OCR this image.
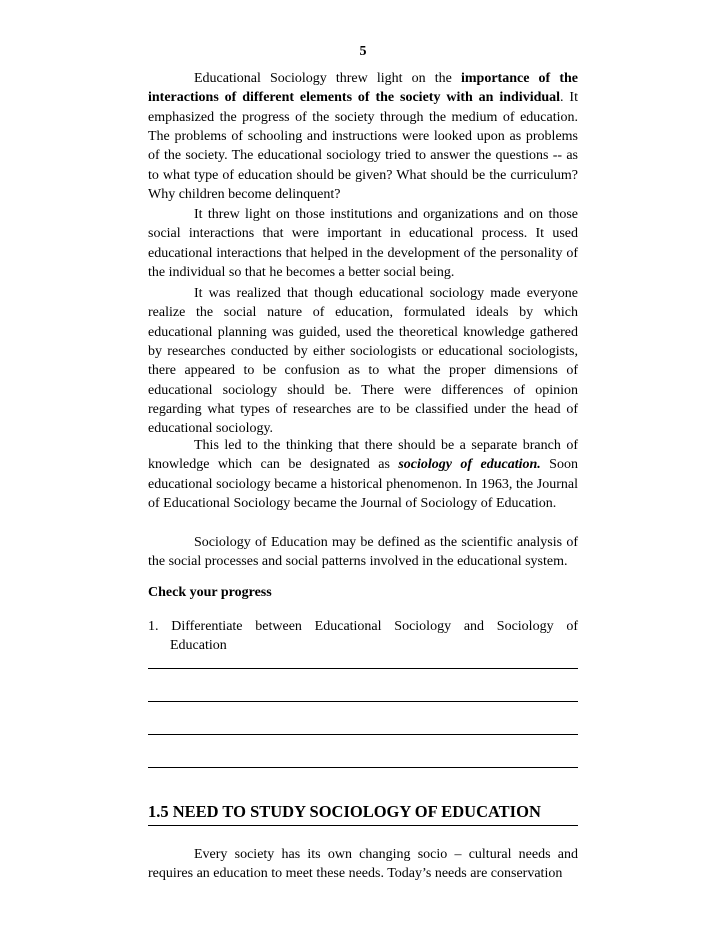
5

Educational Sociology threw light on the importance of the interactions of different elements of the society with an individual. It emphasized the progress of the society through the medium of education. The problems of schooling and instructions were looked upon as problems of the society. The educational sociology tried to answer the questions -- as to what type of education should be given? What should be the curriculum? Why children become delinquent?

It threw light on those institutions and organizations and on those social interactions that were important in educational process. It used educational interactions that helped in the development of the personality of the individual so that he becomes a better social being.

It was realized that though educational sociology made everyone realize the social nature of education, formulated ideals by which educational planning was guided, used the theoretical knowledge gathered by researches conducted by either sociologists or educational sociologists, there appeared to be confusion as to what the proper dimensions of educational sociology should be. There were differences of opinion regarding what types of researches are to be classified under the head of educational sociology.

This led to the thinking that there should be a separate branch of knowledge which can be designated as sociology of education. Soon educational sociology became a historical phenomenon. In 1963, the Journal of Educational Sociology became the Journal of Sociology of Education.

Sociology of Education may be defined as the scientific analysis of the social processes and social patterns involved in the educational system.

Check your progress
1. Differentiate between Educational Sociology and Sociology of
Education
1.5 NEED TO STUDY SOCIOLOGY OF EDUCATION

Every society has its own changing socio – cultural needs and requires an education to meet these needs. Today’s needs are conservation
